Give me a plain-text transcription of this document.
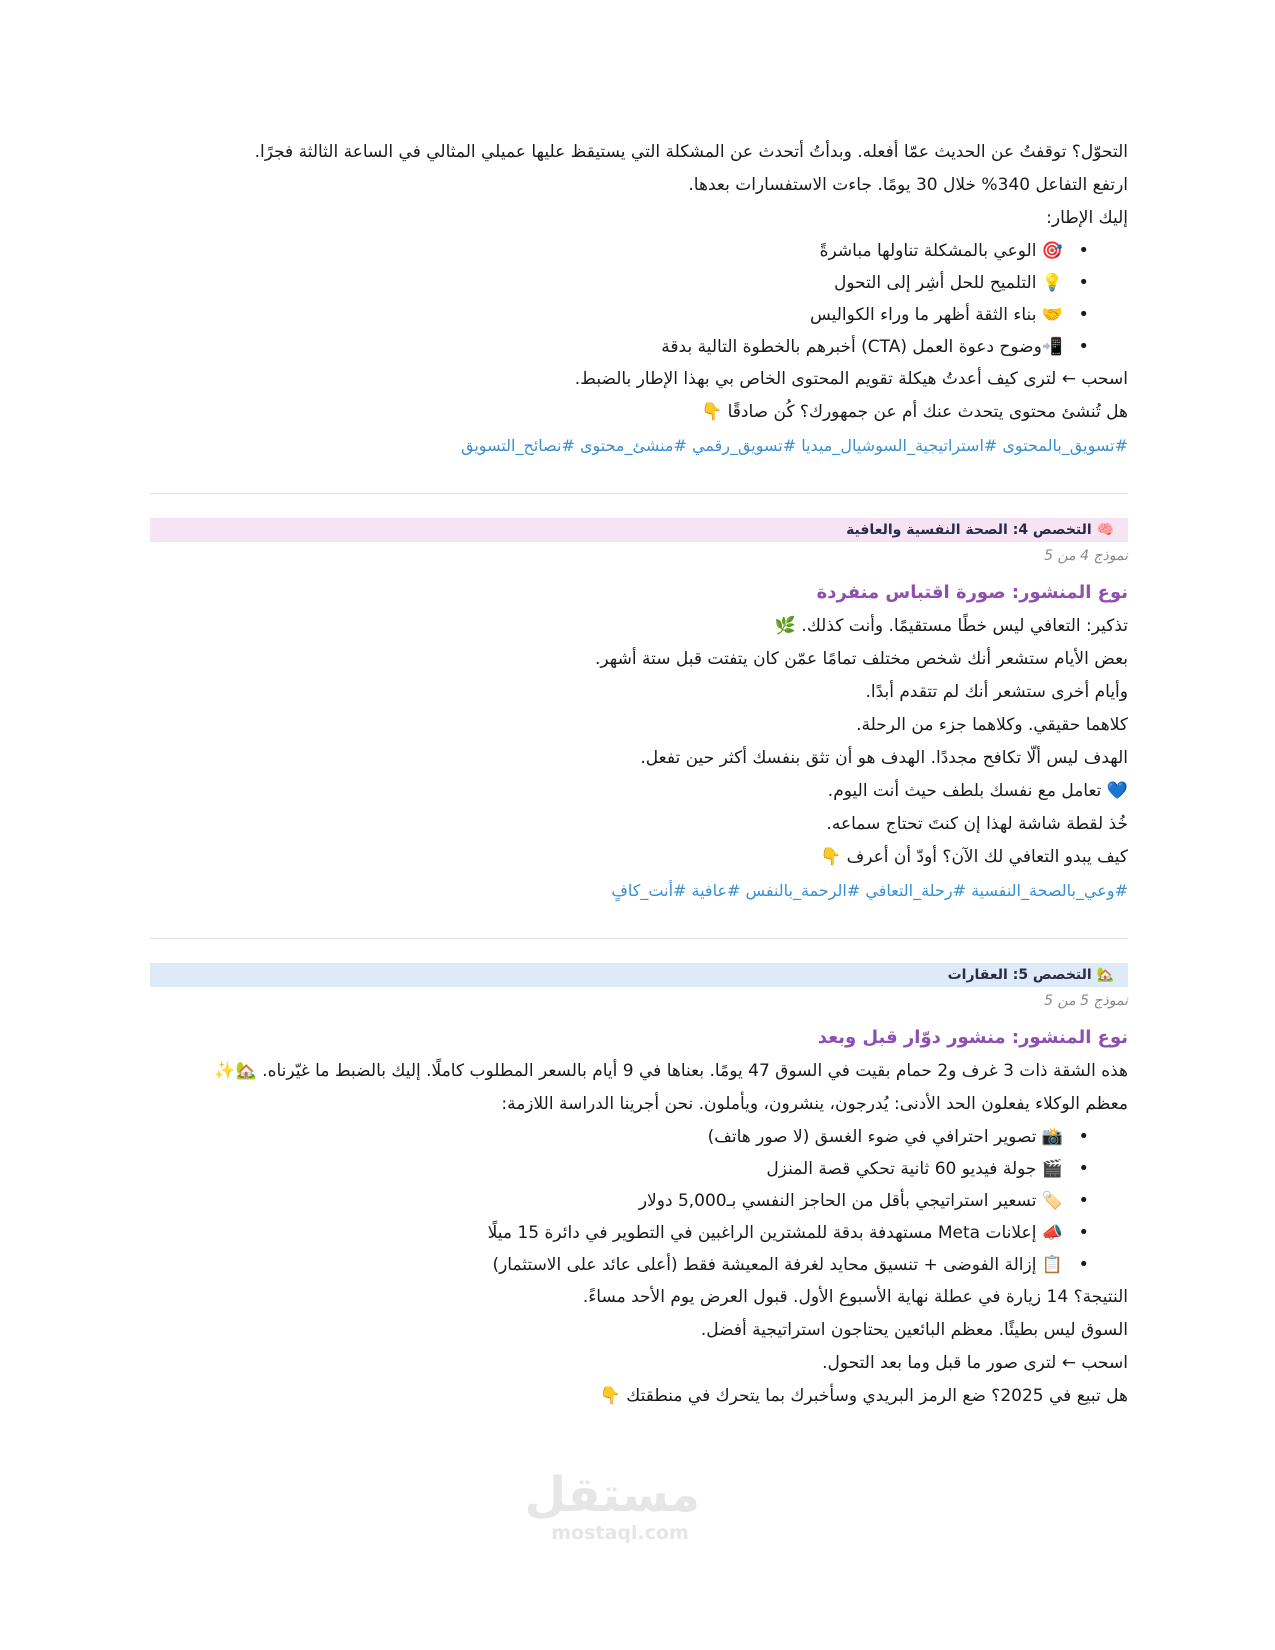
التحوّل؟ توقفتُ عن الحديث عمّا أفعله. وبدأتُ أتحدث عن المشكلة التي يستيقظ عليها عميلي المثالي في الساعة الثالثة فجرًا.
ارتفع التفاعل 340% خلال 30 يومًا. جاءت الاستفسارات بعدها.
إليك الإطار:
• 🎯 الوعي بالمشكلة تناولها مباشرةً
• 💡 التلميح للحل أشِر إلى التحول
• 🤝 بناء الثقة أظهر ما وراء الكواليس
• 📲وضوح دعوة العمل (CTA) أخبرهم بالخطوة التالية بدقة
اسحب ← لترى كيف أعدتُ هيكلة تقويم المحتوى الخاص بي بهذا الإطار بالضبط.
هل تُنشئ محتوى يتحدث عنك أم عن جمهورك؟ كُن صادقًا 👇
#تسويق_بالمحتوى #استراتيجية_السوشيال_ميديا #تسويق_رقمي #منشئ_محتوى #نصائح_التسويق
🧠 التخصص 4: الصحة النفسية والعافية
نموذج 4 من 5
نوع المنشور: صورة اقتباس منفردة
تذكير: التعافي ليس خطًا مستقيمًا. وأنت كذلك. 🌿
بعض الأيام ستشعر أنك شخص مختلف تمامًا عمّن كان يتفتت قبل ستة أشهر.
وأيام أخرى ستشعر أنك لم تتقدم أبدًا.
كلاهما حقيقي. وكلاهما جزء من الرحلة.
الهدف ليس ألّا تكافح مجددًا. الهدف هو أن تثق بنفسك أكثر حين تفعل.
💙 تعامل مع نفسك بلطف حيث أنت اليوم.
خُذ لقطة شاشة لهذا إن كنتَ تحتاج سماعه.
كيف يبدو التعافي لك الآن؟ أودّ أن أعرف 👇
#وعي_بالصحة_النفسية #رحلة_التعافي #الرحمة_بالنفس #عافية #أنت_كافٍ
🏡 التخصص 5: العقارات
نموذج 5 من 5
نوع المنشور: منشور دوّار قبل وبعد
هذه الشقة ذات 3 غرف و2 حمام بقيت في السوق 47 يومًا. بعناها في 9 أيام بالسعر المطلوب كاملًا. إليك بالضبط ما غيّرناه. 🏡✨
معظم الوكلاء يفعلون الحد الأدنى: يُدرجون، ينشرون، ويأملون. نحن أجرينا الدراسة اللازمة:
• 📸 تصوير احترافي في ضوء الغسق (لا صور هاتف)
• 🎬 جولة فيديو 60 ثانية تحكي قصة المنزل
• 🏷️ تسعير استراتيجي بأقل من الحاجز النفسي بـ5,000 دولار
• 📣 إعلانات Meta مستهدفة بدقة للمشترين الراغبين في التطوير في دائرة 15 ميلًا
• 📋 إزالة الفوضى + تنسيق محايد لغرفة المعيشة فقط (أعلى عائد على الاستثمار)
النتيجة؟ 14 زيارة في عطلة نهاية الأسبوع الأول. قبول العرض يوم الأحد مساءً.
السوق ليس بطيئًا. معظم البائعين يحتاجون استراتيجية أفضل.
اسحب ← لترى صور ما قبل وما بعد التحول.
هل تبيع في 2025؟ ضع الرمز البريدي وسأخبرك بما يتحرك في منطقتك 👇
مستقل
mostaql.com
